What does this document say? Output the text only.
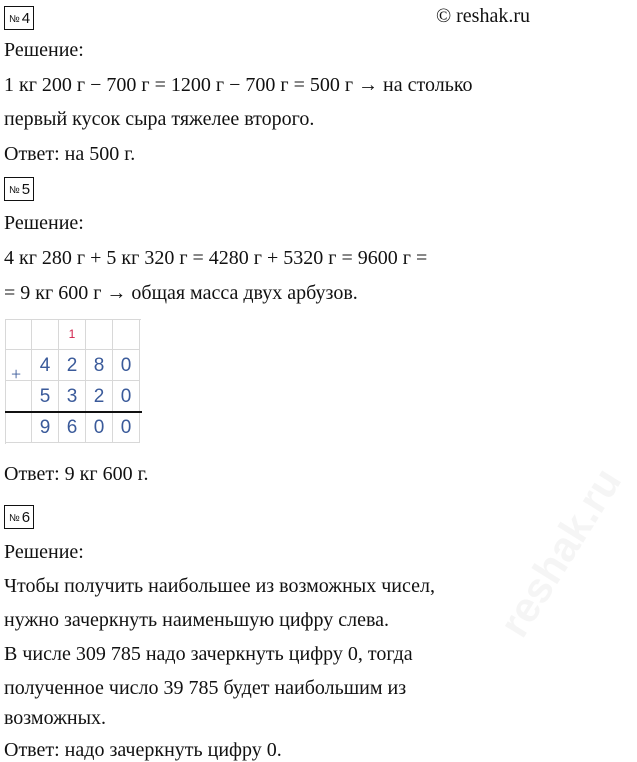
reshak.ru
№ 4	© reshak.ru
Решение:
1 кг 200 г − 700 г = 1200 г − 700 г = 500 г → на столько
первый кусок сыра тяжелее второго.
Ответ: на 500 г.
№ 5
Решение:
4 кг 280 г + 5 кг 320 г = 4280 г + 5320 г = 9600 г =
= 9 кг 600 г → общая масса двух арбузов.
1
4 2 8 0
5 3 2 0
9 6 0 0
+
Ответ: 9 кг 600 г.
№ 6
Решение:
Чтобы получить наибольшее из возможных чисел,
нужно зачеркнуть наименьшую цифру слева.
В числе 309 785 надо зачеркнуть цифру 0, тогда
полученное число 39 785 будет наибольшим из
возможных.
Ответ: надо зачеркнуть цифру 0.
